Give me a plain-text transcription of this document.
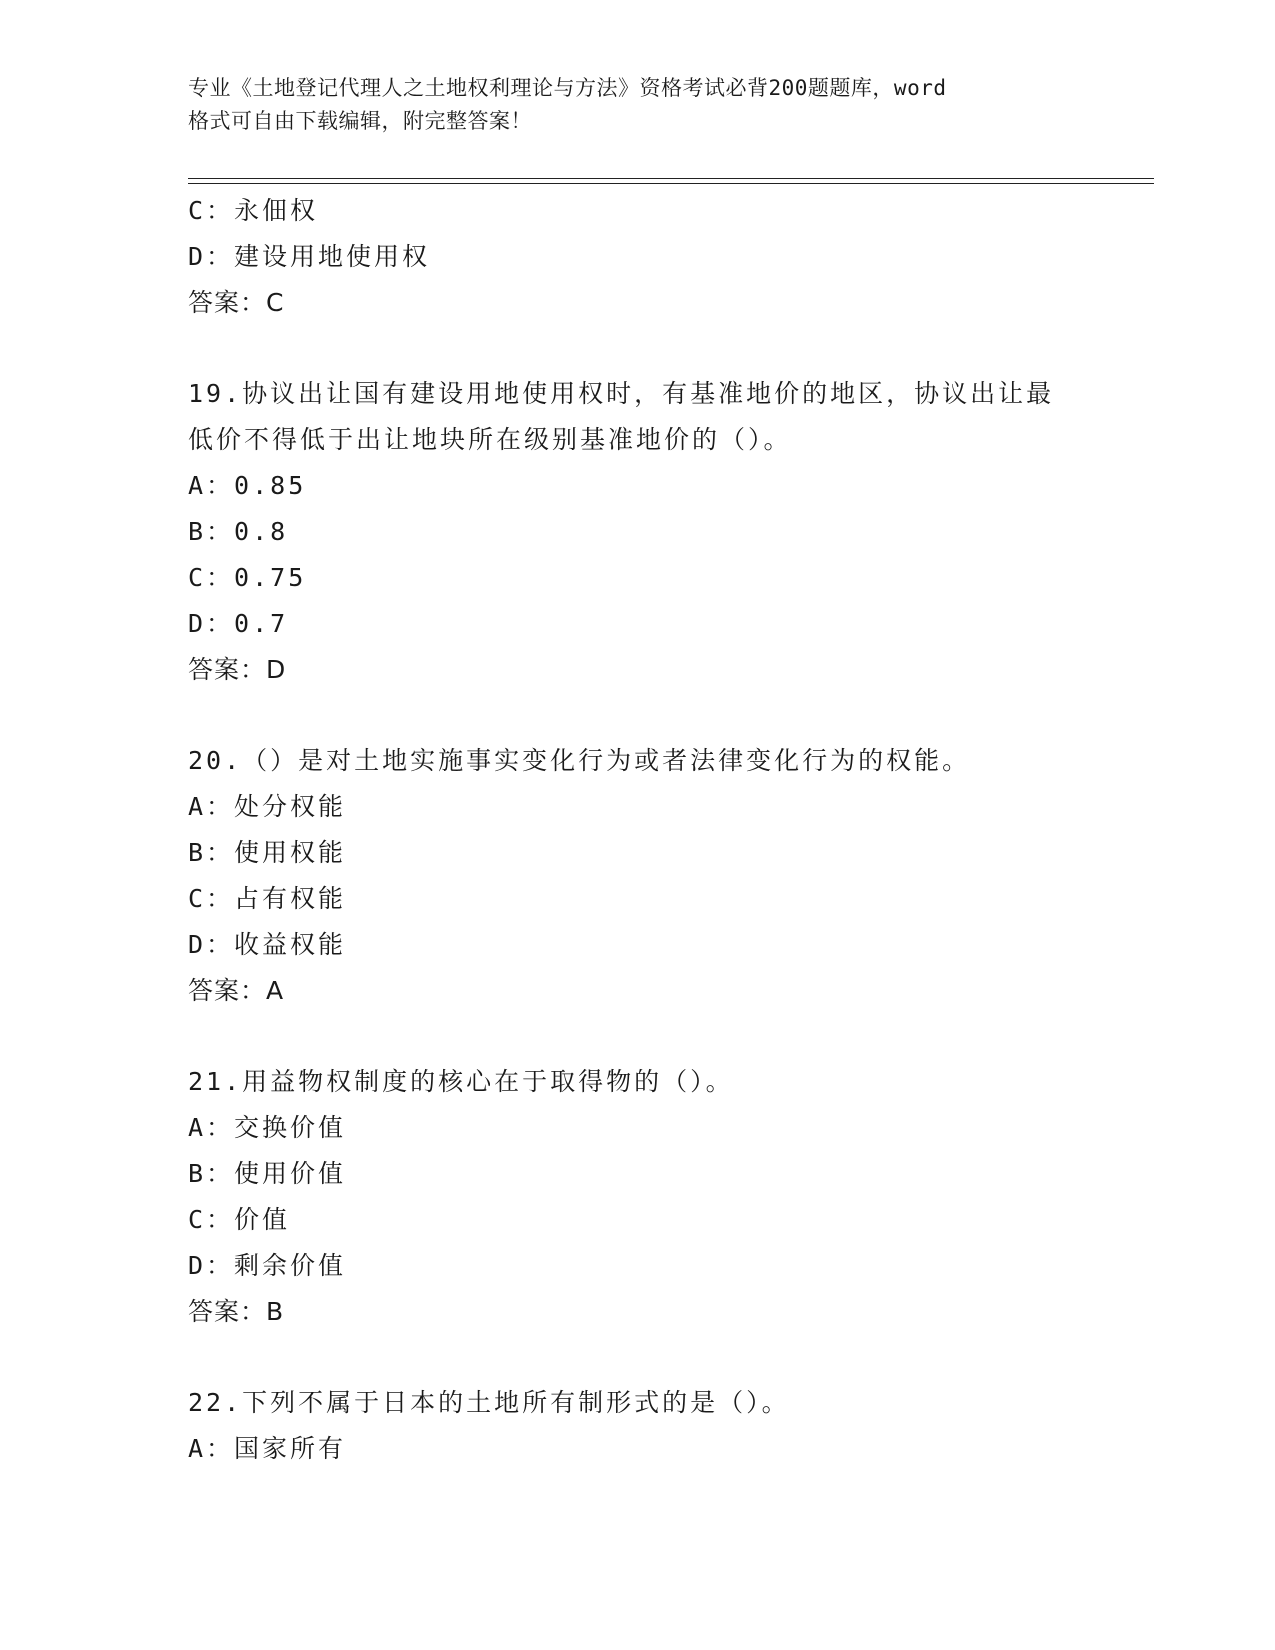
专业《土地登记代理人之土地权利理论与方法》资格考试必背200题题库，word
格式可自由下载编辑，附完整答案！
C：永佃权
D：建设用地使用权
答案：C
19.协议出让国有建设用地使用权时，有基准地价的地区，协议出让最
低价不得低于出让地块所在级别基准地价的（）。
A：0.85
B：0.8
C：0.75
D：0.7
答案：D
20.（）是对土地实施事实变化行为或者法律变化行为的权能。
A：处分权能
B：使用权能
C：占有权能
D：收益权能
答案：A
21.用益物权制度的核心在于取得物的（）。
A：交换价值
B：使用价值
C：价值
D：剩余价值
答案：B
22.下列不属于日本的土地所有制形式的是（）。
A：国家所有
